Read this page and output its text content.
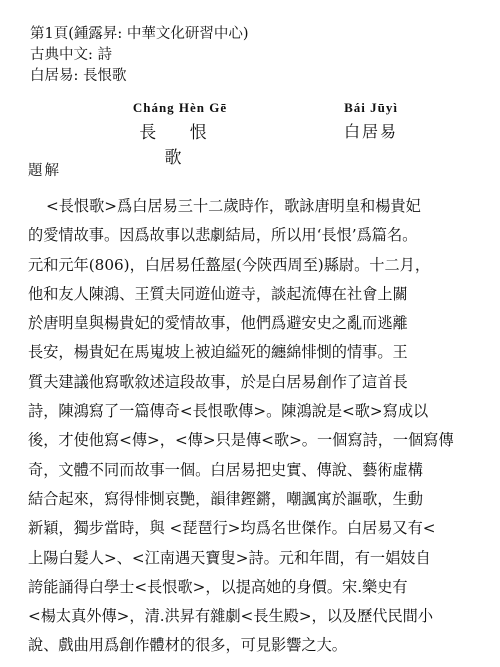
第1頁(鍾露昇: 中華文化研習中心)
古典中文: 詩
白居易: 長恨歌
Cháng Hèn Gē
長 恨 歌
Bái Jūyì
白居易
題解
<長恨歌>爲白居易三十二歲時作，歌詠唐明皇和楊貴妃
的愛情故事。因爲故事以悲劇結局，所以用‘長恨’爲篇名。
元和元年(806)，白居易任盩屋(今陝西周至)縣尉。十二月，
他和友人陳鴻、王質夫同遊仙遊寺，談起流傳在社會上關
於唐明皇與楊貴妃的愛情故事，他們爲避安史之亂而逃離
長安，楊貴妃在馬嵬坡上被迫縊死的纏綿悱惻的情事。王
質夫建議他寫歌敘述這段故事，於是白居易創作了這首長
詩，陳鴻寫了一篇傳奇<長恨歌傳>。陳鴻說是<歌>寫成以
後，才使他寫<傳>，<傳>只是傳<歌>。一個寫詩，一個寫傳
奇，文體不同而故事一個。白居易把史實、傳說、藝術虛構
結合起來，寫得悱惻哀艷，韻律鏗鏘，嘲諷寓於謳歌，生動
新穎，獨步當時，與 <琵琶行>均爲名世傑作。白居易又有<
上陽白髮人>、<江南遇天寶叟>詩。元和年間，有一娼妓自
誇能誦得白學士<長恨歌>，以提高她的身價。宋.樂史有
<楊太真外傳>，清.洪昇有雜劇<長生殿>，以及歷代民間小
說、戲曲用爲創作體材的很多，可見影響之大。
